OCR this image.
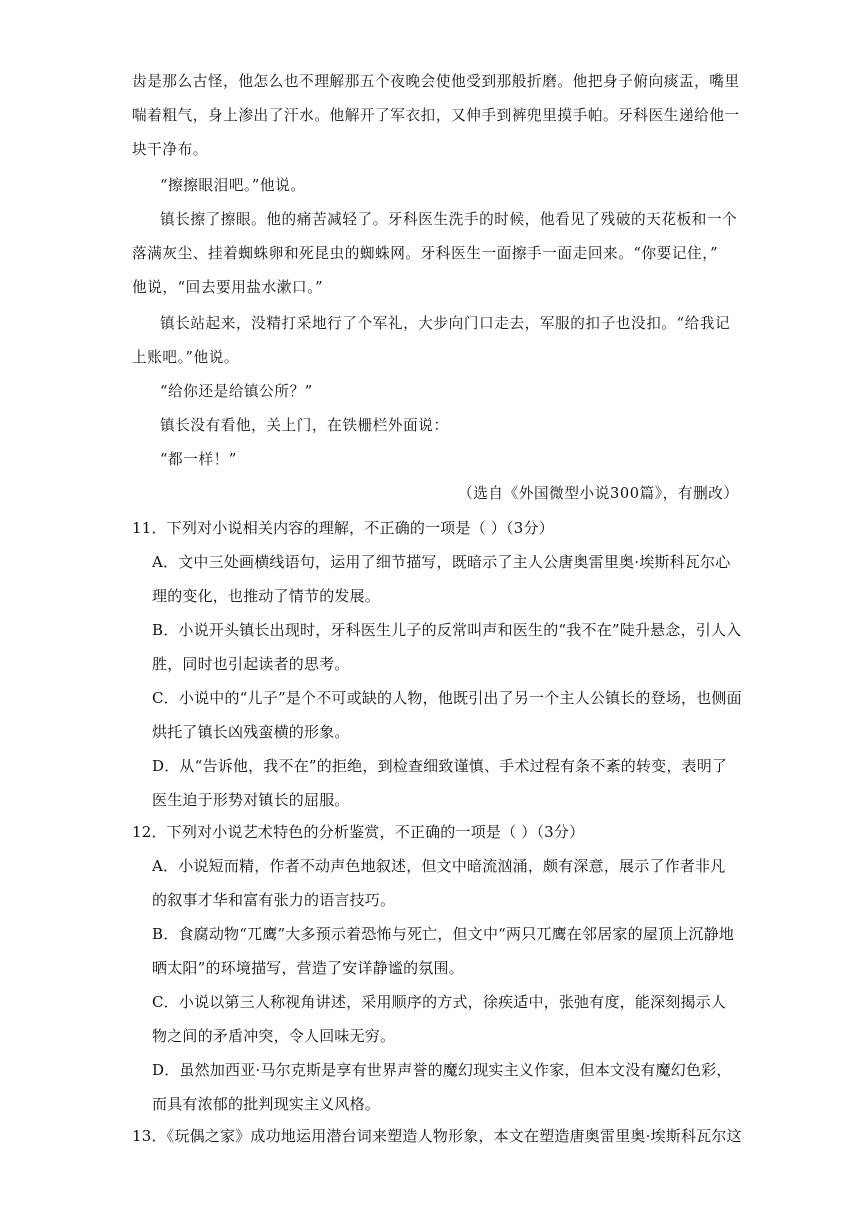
齿是那么古怪，他怎么也不理解那五个夜晚会使他受到那般折磨。他把身子俯向痰盂，嘴里
喘着粗气，身上渗出了汗水。他解开了军衣扣，又伸手到裤兜里摸手帕。牙科医生递给他一
块干净布。
“擦擦眼泪吧。”他说。
镇长擦了擦眼。他的痛苦减轻了。牙科医生洗手的时候，他看见了残破的天花板和一个
落满灰尘、挂着蜘蛛卵和死昆虫的蜘蛛网。牙科医生一面擦手一面走回来。“你要记住，”
他说，“回去要用盐水漱口。”
镇长站起来，没精打采地行了个军礼，大步向门口走去，军服的扣子也没扣。“给我记
上账吧。”他说。
“给你还是给镇公所？”
镇长没有看他，关上门，在铁栅栏外面说：
“都一样！”
（选自《外国微型小说300篇》，有删改）
11．下列对小说相关内容的理解，不正确的一项是（ ）（3分）
A．文中三处画横线语句，运用了细节描写，既暗示了主人公唐奥雷里奥·埃斯科瓦尔心
理的变化，也推动了情节的发展。
B．小说开头镇长出现时，牙科医生儿子的反常叫声和医生的“我不在”陡升悬念，引人入
胜，同时也引起读者的思考。
C．小说中的“儿子”是个不可或缺的人物，他既引出了另一个主人公镇长的登场，也侧面
烘托了镇长凶残蛮横的形象。
D．从“告诉他，我不在”的拒绝，到检查细致谨慎、手术过程有条不紊的转变，表明了
医生迫于形势对镇长的屈服。
12．下列对小说艺术特色的分析鉴赏，不正确的一项是（ ）（3分）
A．小说短而精，作者不动声色地叙述，但文中暗流汹涌，颇有深意，展示了作者非凡
的叙事才华和富有张力的语言技巧。
B．食腐动物“兀鹰”大多预示着恐怖与死亡，但文中“两只兀鹰在邻居家的屋顶上沉静地
晒太阳”的环境描写，营造了安详静谧的氛围。
C．小说以第三人称视角讲述，采用顺序的方式，徐疾适中，张弛有度，能深刻揭示人
物之间的矛盾冲突，令人回味无穷。
D．虽然加西亚·马尔克斯是享有世界声誉的魔幻现实主义作家，但本文没有魔幻色彩，
而具有浓郁的批判现实主义风格。
13．《玩偶之家》成功地运用潜台词来塑造人物形象，本文在塑造唐奥雷里奥·埃斯科瓦尔这
